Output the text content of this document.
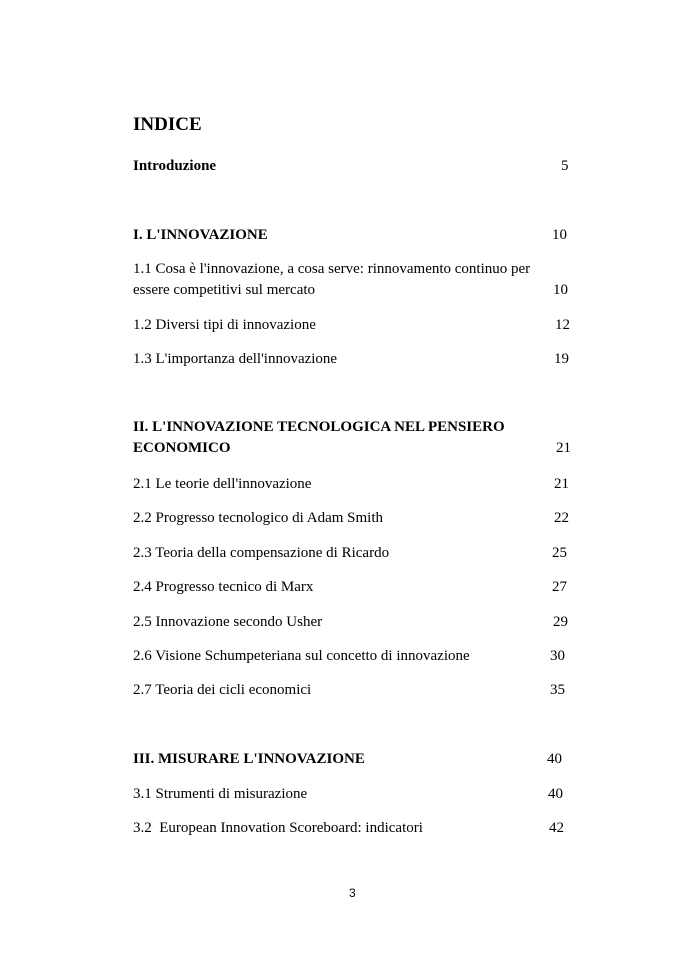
INDICE
Introduzione	5
I. L'INNOVAZIONE	10
1.1 Cosa è l'innovazione, a cosa serve: rinnovamento continuo per
essere competitivi sul mercato	10
1.2 Diversi tipi di innovazione	12
1.3 L'importanza dell'innovazione	19
II. L'INNOVAZIONE TECNOLOGICA NEL PENSIERO
ECONOMICO	21
2.1 Le teorie dell'innovazione	21
2.2 Progresso tecnologico di Adam Smith	22
2.3 Teoria della compensazione di Ricardo	25
2.4 Progresso tecnico di Marx	27
2.5 Innovazione secondo Usher	29
2.6 Visione Schumpeteriana sul concetto di innovazione	30
2.7 Teoria dei cicli economici	35
III. MISURARE L'INNOVAZIONE	40
3.1 Strumenti di misurazione	40
3.2  European Innovation Scoreboard: indicatori	42
3
